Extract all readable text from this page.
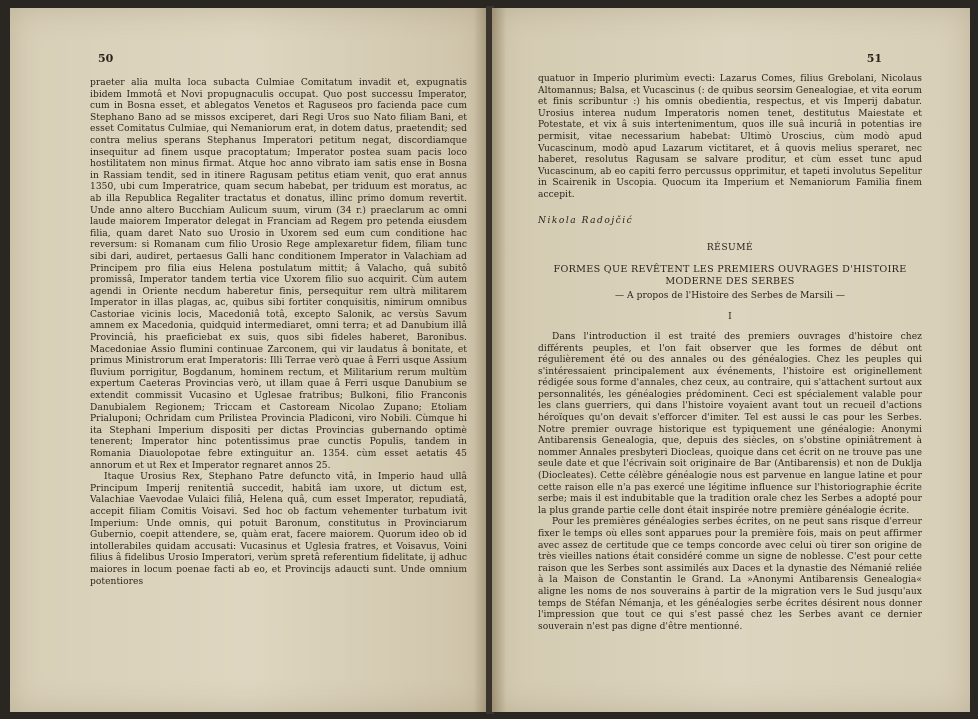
50

praeter alia multa loca subacta Culmiae Comitatum invadit et, expugnatis ibidem Immotâ et Novi propugnaculis occupat. Quo post successu Imperator, cum in Bosna esset, et ablegatos Venetos et Raguseos pro facienda pace cum Stephano Bano ad se missos exciperet, dari Regi Uros suo Nato filiam Bani, et esset Comitatus Culmiae, qui Nemaniorum erat, in dotem datus, praetendit; sed contra melius sperans Stephanus Imperatori petitum negat, discordiamque insequitur ad finem usque pracoptatum; Imperator postea suam pacis loco hostilitatem non minus firmat. Atque hoc anno vibrato iam satis ense in Bosna in Rassiam tendit, sed in itinere Ragusam petitus etiam venit, quo erat annus 1350, ubi cum Imperatrice, quam secum habebat, per triduum est moratus, ac ab illa Republica Regaliter tractatus et donatus, illinc primo domum revertit. Unde anno altero Bucchiam Aulicum suum, virum (34 r.) praeclarum ac omni laude maiorem Imperator delegat in Franciam ad Regem pro petenda eiusdem filia, quam daret Nato suo Urosio in Uxorem sed eum cum conditione hac reversum: si Romanam cum filio Urosio Rege amplexaretur fidem, filiam tunc sibi dari, audiret, pertaesus Galli hanc conditionem Imperator in Valachiam ad Principem pro filia eius Helena postulatum mittit; â Valacho, quâ subitô promissâ, Imperator tandem tertia vice Uxorem filio suo acquirit. Cùm autem agendi in Oriente necdum haberetur finis, persequitur rem ultrà militarem Imperator in illas plagas, ac, quibus sibi fortiter conquisitis, nimirum omnibus Castoriae vicinis locis, Macedoniâ totâ, excepto Salonik, ac versùs Savum amnem ex Macedonia, quidquid intermediaret, omni terra; et ad Danubium illâ Provinciâ, his praeficiebat ex suis, quos sibi fideles haberet, Baronibus. Macedoniae Assio flumini continuae Zarconem, qui vir laudatus â bonitate, et primus Ministrorum erat Imperatoris: Illi Terrae verò quae â Ferri usque Assium fluvium porrigitur, Bogdanum, hominem rectum, et Militarium rerum multùm expertum Caeteras Provincias verò, ut illam quae â Ferri usque Danubium se extendit commissit Vucasino et Uglesae fratribus; Bulkoni, filio Franconis Danubialem Regionem; Triccam et Castoream Nicolao Zupano; Etoliam Prialuponi; Ochridam cum Prilistea Provincia Pladiconi, viro Nobili. Cùmque hi ita Stephani Imperium dispositi per dictas Provincias gubernando optimè tenerent; Imperator hinc potentissimus prae cunctis Populis, tandem in Romania Diauolopotae febre extinguitur an. 1354. cùm esset aetatis 45 annorum et ut Rex et Imperator regnaret annos 25.

Itaque Urosius Rex, Stephano Patre defuncto vitâ, in Imperio haud ullâ Principum Imperij renitentiâ succedit, habitâ iam uxore, ut dictum est, Valachiae Vaevodae Vulaici filiâ, Helena quâ, cum esset Imperator, repudiatâ, accepit filiam Comitis Voisavi. Sed hoc ob factum vehementer turbatum ivit Imperium: Unde omnis, qui potuit Baronum, constitutus in Provinciarum Gubernio, coepit attendere, se, quàm erat, facere maiorem. Quorum ideo ob id intollerabiles quidam accusati: Vucasinus et Uglesia fratres, et Voisavus, Voini filius â fidelibus Urosio Imperatori, verùm spretâ referentium fidelitate, ij adhuc maiores in locum poenae facti ab eo, et Provincijs adaucti sunt. Unde omnium potentiores

51

quatuor in Imperio plurimùm evecti: Lazarus Comes, filius Grebolani, Nicolaus Altomannus; Balsa, et Vucascinus (: de quibus seorsim Genealogiae, et vita eorum et finis scribuntur :) his omnis obedientia, respectus, et vis Imperij dabatur. Urosius interea nudum Imperatoris nomen tenet, destitutus Maiestate et Potestate, et vix â suis intertenimentum, quos ille suâ incuriâ in potentias ire permisit, vitae necessarium habebat: Ultimò Uroscius, cùm modò apud Vucascinum, modò apud Lazarum victitaret, et â quovis melius speraret, nec haberet, resolutus Ragusam se salvare proditur, et cùm esset tunc apud Vucascinum, ab eo capiti ferro percussus opprimitur, et tapeti involutus Sepelitur in Scairenik in Uscopia. Quocum ita Imperium et Nemaniorum Familia finem accepit.

Nikola Radojčić

RÉSUMÉ

FORMES QUE REVÊTENT LES PREMIERS OUVRAGES D'HISTOIRE MODERNE DES SERBES

— A propos de l'Histoire des Serbes de Marsili —

I

Dans l'introduction il est traité des premiers ouvrages d'histoire chez différents peuples, et l'on fait observer que les formes de début ont régulièrement été ou des annales ou des généalogies. Chez les peuples qui s'intéressaient principalement aux événements, l'histoire est originellement rédigée sous forme d'annales, chez ceux, au contraire, qui s'attachent surtout aux personnalités, les généalogies prédominent. Ceci est spécialement valable pour les clans guerriers, qui dans l'histoire voyaient avant tout un recueil d'actions héroïques qu'on devait s'efforcer d'imiter. Tel est aussi le cas pour les Serbes. Notre premier ouvrage historique est typiquement une généalogie: Anonymi Antibarensis Genealogia, que, depuis des siècles, on s'obstine opiniâtrement à nommer Annales presbyteri Diocleas, quoique dans cet écrit on ne trouve pas une seule date et que l'écrivain soit originaire de Bar (Antibarensis) et non de Duklja (Diocleates). Cette célèbre généalogie nous est parvenue en langue latine et pour cette raison elle n'a pas exercé une légitime influence sur l'historiographie écrite serbe; mais il est indubitable que la tradition orale chez les Serbes a adopté pour la plus grande partie celle dont était inspirée notre première généalogie écrite.

Pour les premières généalogies serbes écrites, on ne peut sans risque d'erreur fixer le temps où elles sont apparues pour la première fois, mais on peut affirmer avec assez de certitude que ce temps concorde avec celui où tirer son origine de très vieilles nations était considéré comme un signe de noblesse. C'est pour cette raison que les Serbes sont assimilés aux Daces et la dynastie des Némanié reliée à la Maison de Constantin le Grand. La »Anonymi Antibarensis Genealogia« aligne les noms de nos souverains à partir de la migration vers le Sud jusqu'aux temps de Stéfan Némanja, et les généalogies serbe écrites désirent nous donner l'impression que tout ce qui s'est passé chez les Serbes avant ce dernier souverain n'est pas digne d'être mentionné.
